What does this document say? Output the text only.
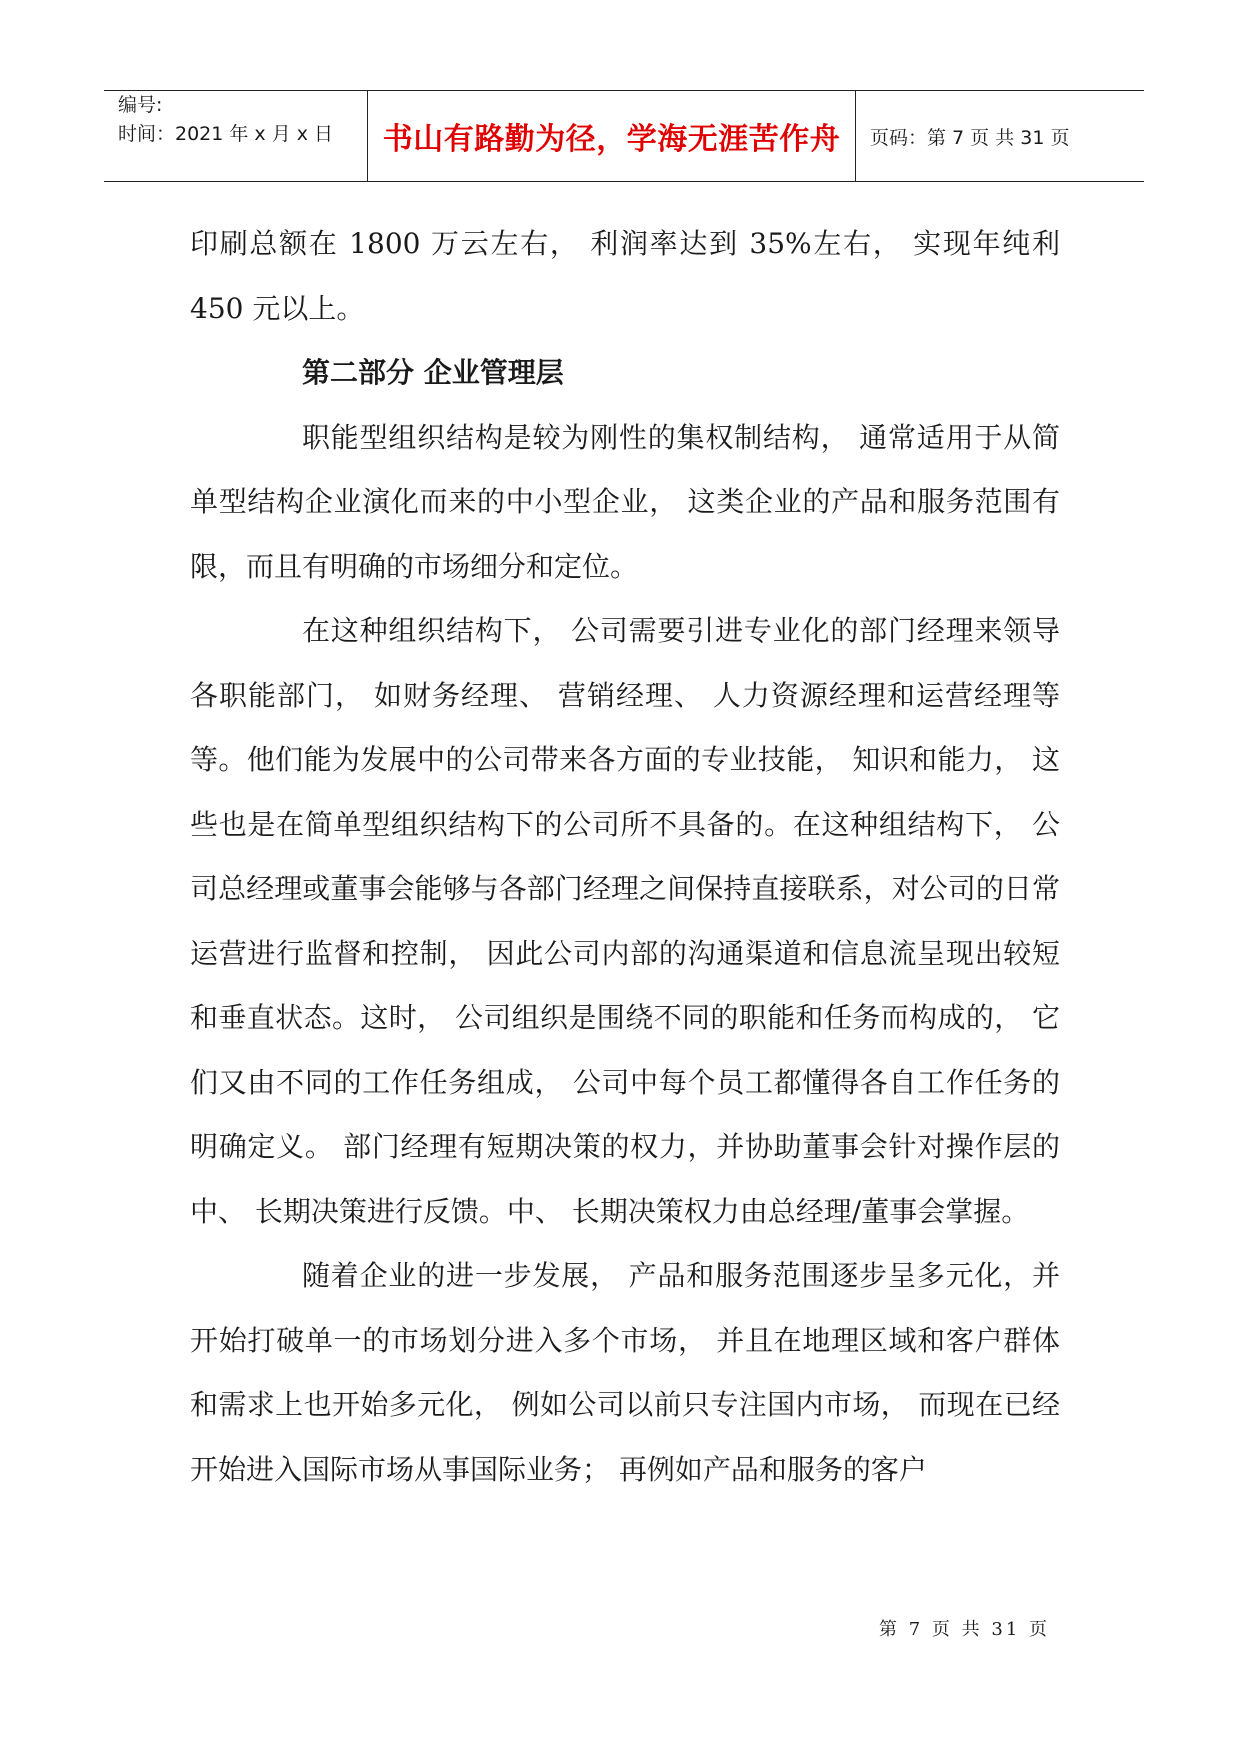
编号:
时间：2021 年 x 月 x 日	书山有路勤为径，学海无涯苦作舟 页码：第 7 页 共 31 页

印刷总额在 1800 万云左右， 利润率达到 35%左右， 实现年纯利 450 元以上。

第二部分 企业管理层

职能型组织结构是较为刚性的集权制结构， 通常适用于从简单型结构企业演化而来的中小型企业， 这类企业的产品和服务范围有限，而且有明确的市场细分和定位。

在这种组织结构下， 公司需要引进专业化的部门经理来领导各职能部门， 如财务经理、 营销经理、 人力资源经理和运营经理等等。他们能为发展中的公司带来各方面的专业技能， 知识和能力， 这些也是在简单型组织结构下的公司所不具备的。在这种组结构下， 公司总经理或董事会能够与各部门经理之间保持直接联系，对公司的日常运营进行监督和控制， 因此公司内部的沟通渠道和信息流呈现出较短和垂直状态。这时， 公司组织是围绕不同的职能和任务而构成的， 它们又由不同的工作任务组成， 公司中每个员工都懂得各自工作任务的明确定义。 部门经理有短期决策的权力，并协助董事会针对操作层的中、 长期决策进行反馈。中、 长期决策权力由总经理/董事会掌握。

随着企业的进一步发展， 产品和服务范围逐步呈多元化，并开始打破单一的市场划分进入多个市场， 并且在地理区域和客户群体和需求上也开始多元化， 例如公司以前只专注国内市场， 而现在已经开始进入国际市场从事国际业务； 再例如产品和服务的客户

第 7 页 共 31 页
